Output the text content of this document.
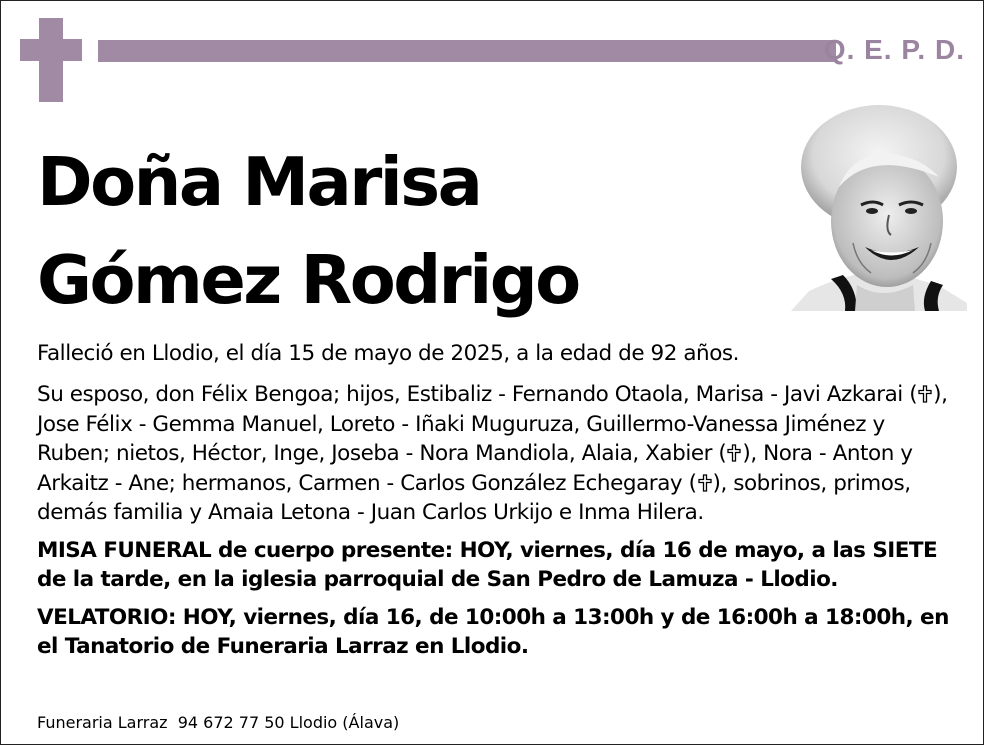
Q. E. P. D.
Doña Marisa
Gómez Rodrigo

Falleció en Llodio, el día 15 de mayo de 2025, a la edad de 92 años.

Su esposo, don Félix Bengoa; hijos, Estibaliz - Fernando Otaola, Marisa - Javi Azkarai ( ), Jose Félix - Gemma Manuel, Loreto - Iñaki Muguruza, Guillermo-Vanessa Jiménez y Ruben; nietos, Héctor, Inge, Joseba - Nora Mandiola, Alaia, Xabier ( ), Nora - Anton y Arkaitz - Ane; hermanos, Carmen - Carlos González Echegaray ( ), sobrinos, primos, demás familia y Amaia Letona - Juan Carlos Urkijo e Inma Hilera.

MISA FUNERAL de cuerpo presente: HOY, viernes, día 16 de mayo, a las SIETE de la tarde, en la iglesia parroquial de San Pedro de Lamuza - Llodio.

VELATORIO: HOY, viernes, día 16, de 10:00h a 13:00h y de 16:00h a 18:00h, en el Tanatorio de Funeraria Larraz en Llodio.

Funeraria Larraz  94 672 77 50 Llodio (Álava)
